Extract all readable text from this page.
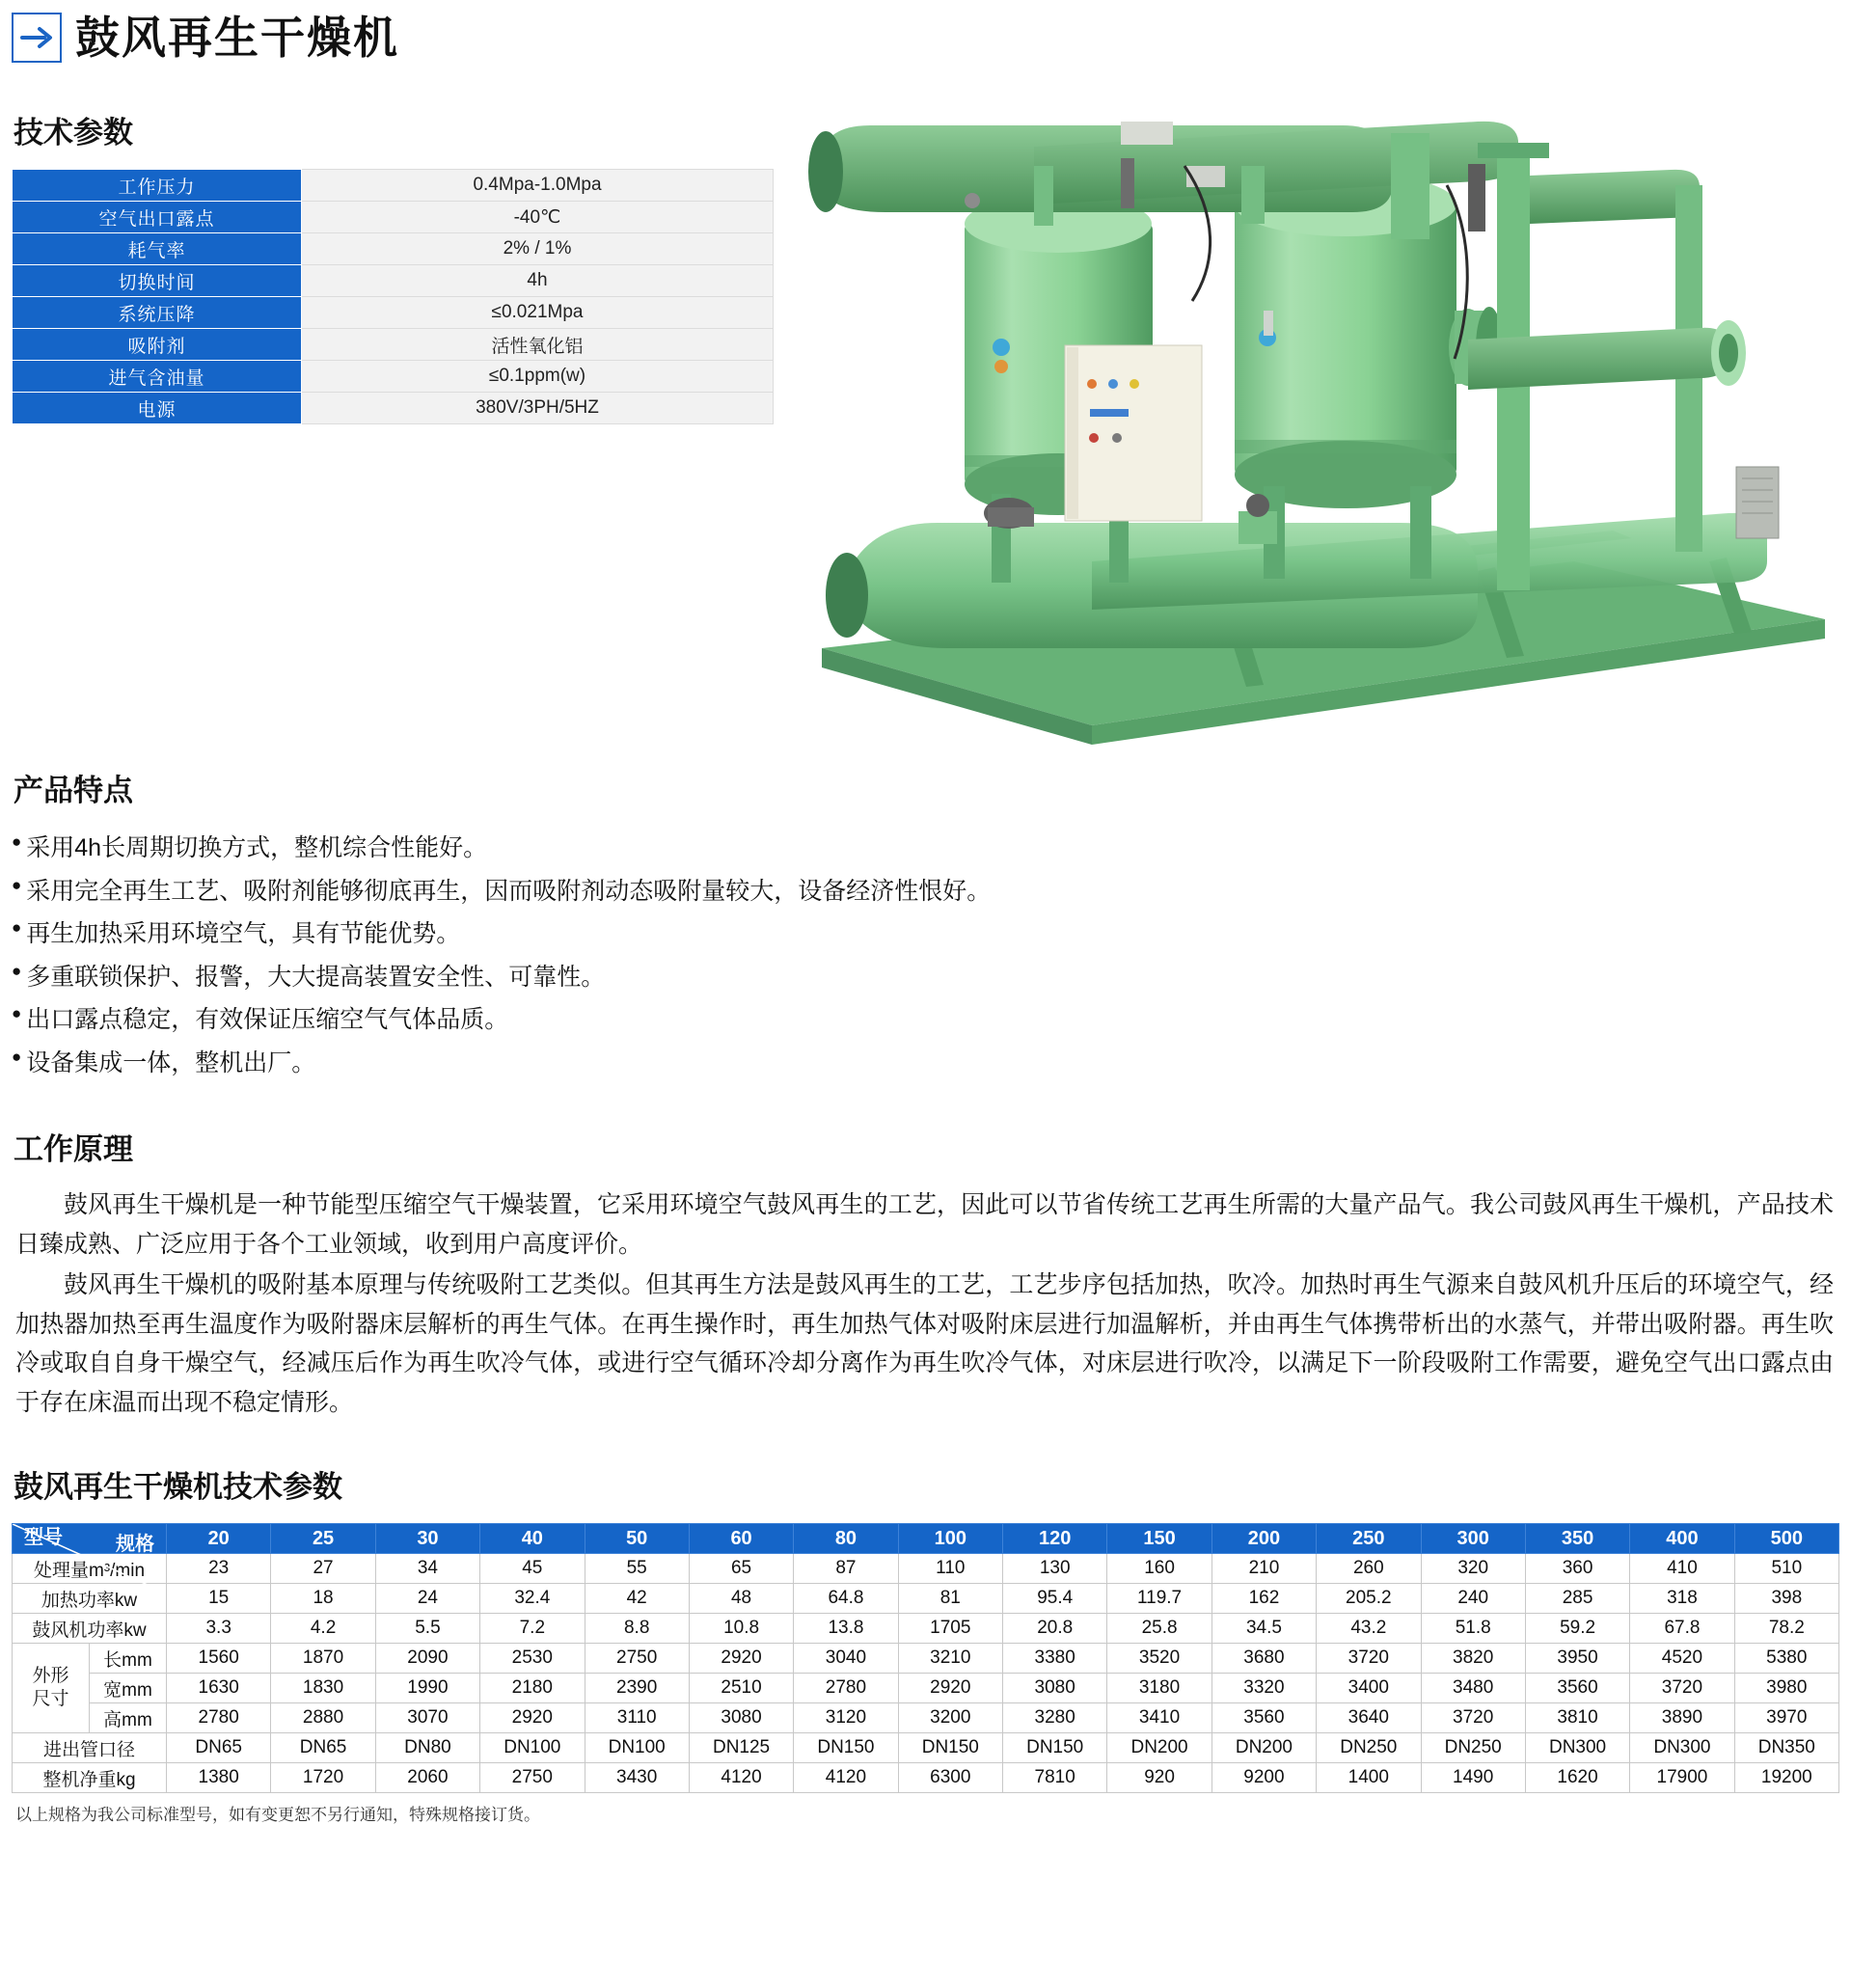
鼓风再生干燥机
技术参数
工作压力	0.4Mpa-1.0Mpa
空气出口露点	-40℃
耗气率	2% / 1%
切换时间	4h
系统压降	≤0.021Mpa
吸附剂	活性氧化铝
进气含油量	≤0.1ppm(w)
电源	380V/3PH/5HZ
产品特点
● 采用4h长周期切换方式，整机综合性能好。
● 采用完全再生工艺、吸附剂能够彻底再生，因而吸附剂动态吸附量较大，设备经济性恨好。
● 再生加热采用环境空气，具有节能优势。
● 多重联锁保护、报警，大大提高装置安全性、可靠性。
● 出口露点稳定，有效保证压缩空气气体品质。
● 设备集成一体，整机出厂。
工作原理

鼓风再生干燥机是一种节能型压缩空气干燥装置，它采用环境空气鼓风再生的工艺，因此可以节省传统工艺再生所需的大量产品气。我公司鼓风再生干燥机，产品技术日臻成熟、广泛应用于各个工业领域，收到用户高度评价。

鼓风再生干燥机的吸附基本原理与传统吸附工艺类似。但其再生方法是鼓风再生的工艺，工艺步序包括加热，吹冷。加热时再生气源来自鼓风机升压后的环境空气，经加热器加热至再生温度作为吸附器床层解析的再生气体。在再生操作时，再生加热气体对吸附床层进行加温解析，并由再生气体携带析出的水蒸气，并带出吸附器。再生吹冷或取自自身干燥空气，经减压后作为再生吹冷气体，或进行空气循环冷却分离作为再生吹冷气体，对床层进行吹冷，以满足下一阶段吸附工作需要，避免空气出口露点由于存在床温而出现不稳定情形。

鼓风再生干燥机技术参数
规格
型号		20	25	30	40	50	60	80	100	120	150	200	250	300	350	400	500
处理量m³/min		23	27	34	45	55	65	87	110	130	160	210	260	320	360	410	510
加热功率kw		15	18	24	32.4	42	48	64.8	81	95.4	119.7	162	205.2	240	285	318	398
鼓风机功率kw		3.3	4.2	5.5	7.2	8.8	10.8	13.8	1705	20.8	25.8	34.5	43.2	51.8	59.2	67.8	78.2
外形
尺寸	长mm	1560	1870	2090	2530	2750	2920	3040	3210	3380	3520	3680	3720	3820	3950	4520	5380
	宽mm	1630	1830	1990	2180	2390	2510	2780	2920	3080	3180	3320	3400	3480	3560	3720	3980
	高mm	2780	2880	3070	2920	3110	3080	3120	3200	3280	3410	3560	3640	3720	3810	3890	3970
进出管口径		DN65	DN65	DN80	DN100	DN100	DN125	DN150	DN150	DN150	DN200	DN200	DN250	DN250	DN300	DN300	DN350
整机净重kg		1380	1720	2060	2750	3430	4120	4120	6300	7810	920	9200	1400	1490	1620	17900	19200
以上规格为我公司标准型号，如有变更恕不另行通知，特殊规格接订货。
